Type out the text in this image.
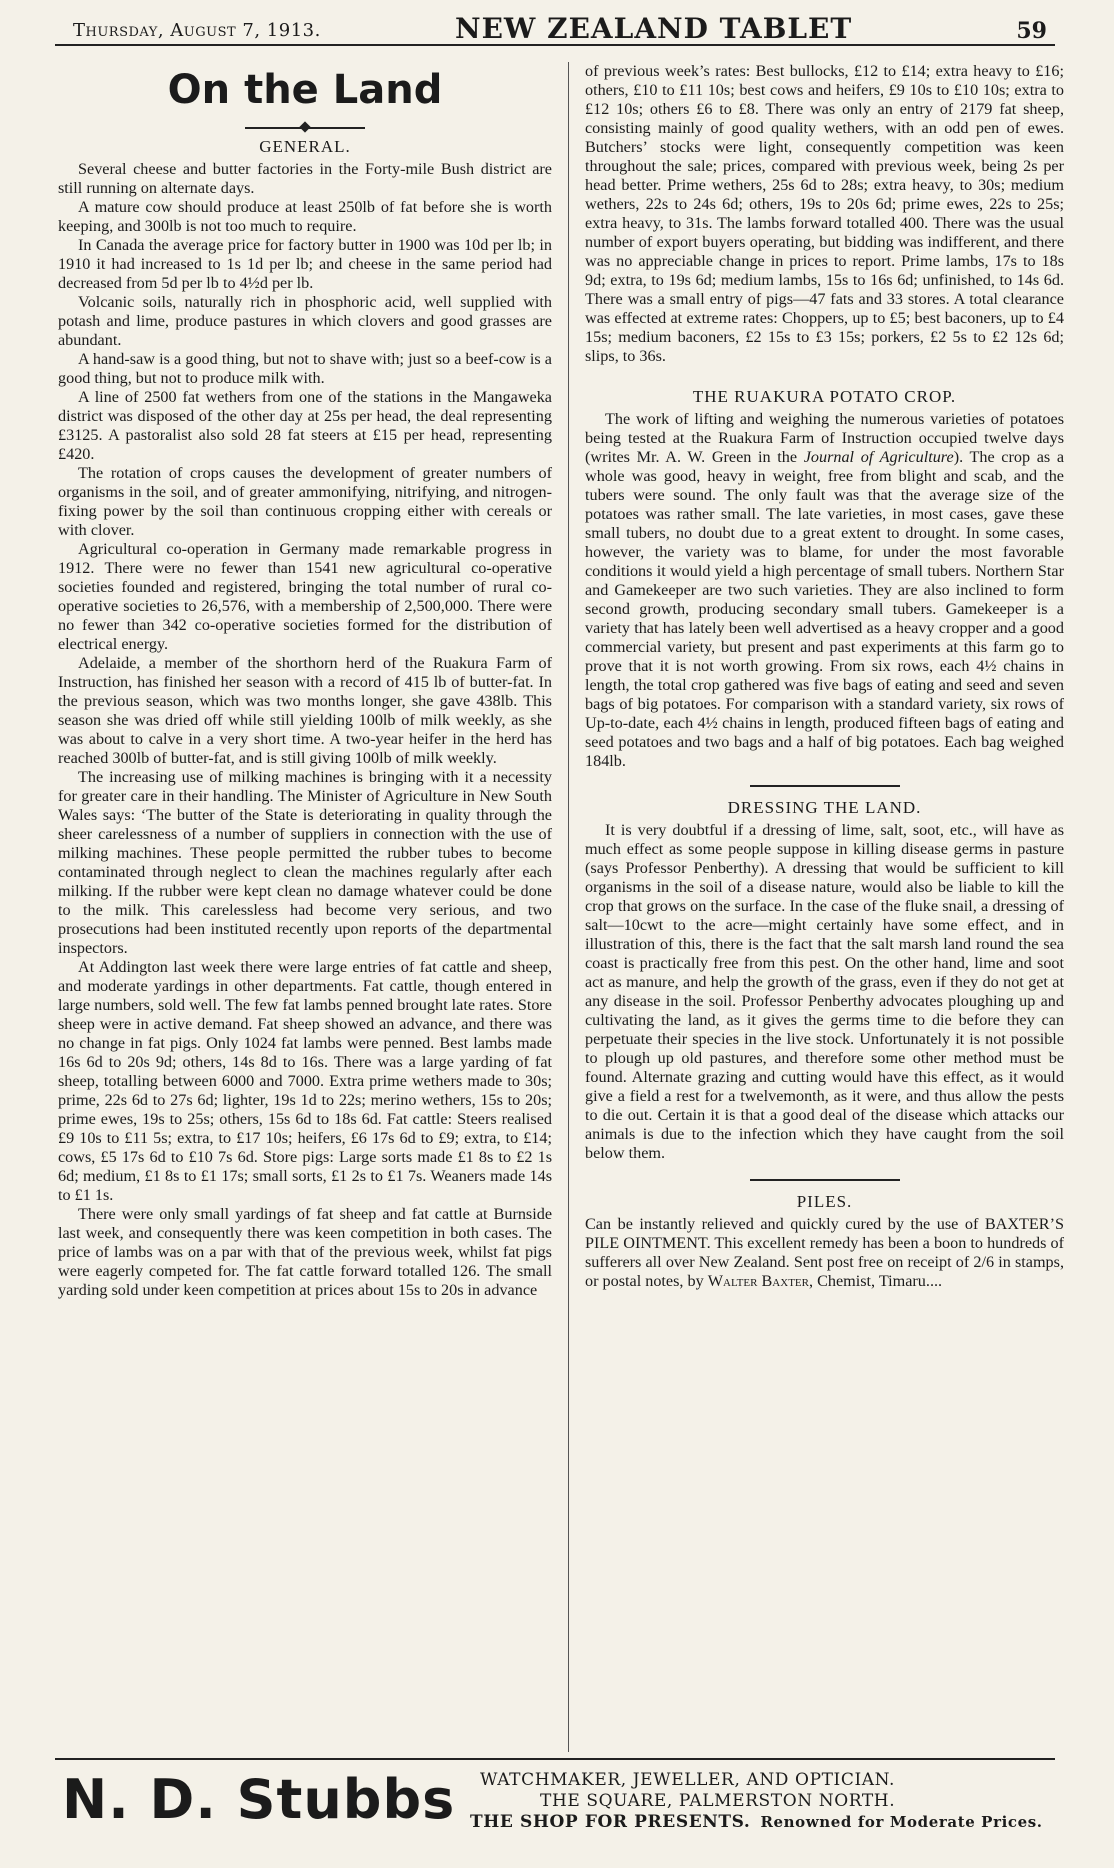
Thursday, August 7, 1913.	NEW ZEALAND TABLET	59
On the Land
GENERAL.

Several cheese and butter factories in the Forty-mile Bush district are still running on alternate days.

A mature cow should produce at least 250lb of fat before she is worth keeping, and 300lb is not too much to require.

In Canada the average price for factory butter in 1900 was 10d per lb; in 1910 it had increased to 1s 1d per lb; and cheese in the same period had decreased from 5d per lb to 4½d per lb.

Volcanic soils, naturally rich in phosphoric acid, well supplied with potash and lime, produce pastures in which clovers and good grasses are abundant.

A hand-saw is a good thing, but not to shave with; just so a beef-cow is a good thing, but not to produce milk with.

A line of 2500 fat wethers from one of the stations in the Mangaweka district was disposed of the other day at 25s per head, the deal representing £3125. A pastoralist also sold 28 fat steers at £15 per head, representing £420.

The rotation of crops causes the development of greater numbers of organisms in the soil, and of greater ammonifying, nitrifying, and nitrogen-fixing power by the soil than continuous cropping either with cereals or with clover.

Agricultural co-operation in Germany made remarkable progress in 1912. There were no fewer than 1541 new agricultural co-operative societies founded and registered, bringing the total number of rural co-operative societies to 26,576, with a membership of 2,500,000. There were no fewer than 342 co-operative societies formed for the distribution of electrical energy.

Adelaide, a member of the shorthorn herd of the Ruakura Farm of Instruction, has finished her season with a record of 415 lb of butter-fat. In the previous season, which was two months longer, she gave 438lb. This season she was dried off while still yielding 100lb of milk weekly, as she was about to calve in a very short time. A two-year heifer in the herd has reached 300lb of butter-fat, and is still giving 100lb of milk weekly.

The increasing use of milking machines is bringing with it a necessity for greater care in their handling. The Minister of Agriculture in New South Wales says: ‘The butter of the State is deteriorating in quality through the sheer carelessness of a number of suppliers in connection with the use of milking machines. These people permitted the rubber tubes to become contaminated through neglect to clean the machines regularly after each milking. If the rubber were kept clean no damage whatever could be done to the milk. This carelessless had become very serious, and two prosecutions had been instituted recently upon reports of the departmental inspectors.

At Addington last week there were large entries of fat cattle and sheep, and moderate yardings in other departments. Fat cattle, though entered in large numbers, sold well. The few fat lambs penned brought late rates. Store sheep were in active demand. Fat sheep showed an advance, and there was no change in fat pigs. Only 1024 fat lambs were penned. Best lambs made 16s 6d to 20s 9d; others, 14s 8d to 16s. There was a large yarding of fat sheep, totalling between 6000 and 7000. Extra prime wethers made to 30s; prime, 22s 6d to 27s 6d; lighter, 19s 1d to 22s; merino wethers, 15s to 20s; prime ewes, 19s to 25s; others, 15s 6d to 18s 6d. Fat cattle: Steers realised £9 10s to £11 5s; extra, to £17 10s; heifers, £6 17s 6d to £9; extra, to £14; cows, £5 17s 6d to £10 7s 6d. Store pigs: Large sorts made £1 8s to £2 1s 6d; medium, £1 8s to £1 17s; small sorts, £1 2s to £1 7s. Weaners made 14s to £1 1s.

There were only small yardings of fat sheep and fat cattle at Burnside last week, and consequently there was keen competition in both cases. The price of lambs was on a par with that of the previous week, whilst fat pigs were eagerly competed for. The fat cattle forward totalled 126. The small yarding sold under keen competition at prices about 15s to 20s in advance

of previous week’s rates: Best bullocks, £12 to £14; extra heavy to £16; others, £10 to £11 10s; best cows and heifers, £9 10s to £10 10s; extra to £12 10s; others £6 to £8. There was only an entry of 2179 fat sheep, consisting mainly of good quality wethers, with an odd pen of ewes. Butchers’ stocks were light, consequently competition was keen throughout the sale; prices, compared with previous week, being 2s per head better. Prime wethers, 25s 6d to 28s; extra heavy, to 30s; medium wethers, 22s to 24s 6d; others, 19s to 20s 6d; prime ewes, 22s to 25s; extra heavy, to 31s. The lambs forward totalled 400. There was the usual number of export buyers operating, but bidding was indifferent, and there was no appreciable change in prices to report. Prime lambs, 17s to 18s 9d; extra, to 19s 6d; medium lambs, 15s to 16s 6d; unfinished, to 14s 6d. There was a small entry of pigs—47 fats and 33 stores. A total clearance was effected at extreme rates: Choppers, up to £5; best baconers, up to £4 15s; medium baconers, £2 15s to £3 15s; porkers, £2 5s to £2 12s 6d; slips, to 36s.

THE RUAKURA POTATO CROP.

The work of lifting and weighing the numerous varieties of potatoes being tested at the Ruakura Farm of Instruction occupied twelve days (writes Mr. A. W. Green in the Journal of Agriculture). The crop as a whole was good, heavy in weight, free from blight and scab, and the tubers were sound. The only fault was that the average size of the potatoes was rather small. The late varieties, in most cases, gave these small tubers, no doubt due to a great extent to drought. In some cases, however, the variety was to blame, for under the most favorable conditions it would yield a high percentage of small tubers. Northern Star and Gamekeeper are two such varieties. They are also inclined to form second growth, producing secondary small tubers. Gamekeeper is a variety that has lately been well advertised as a heavy cropper and a good commercial variety, but present and past experiments at this farm go to prove that it is not worth growing. From six rows, each 4½ chains in length, the total crop gathered was five bags of eating and seed and seven bags of big potatoes. For comparison with a standard variety, six rows of Up-to-date, each 4½ chains in length, produced fifteen bags of eating and seed potatoes and two bags and a half of big potatoes. Each bag weighed 184lb.

DRESSING THE LAND.

It is very doubtful if a dressing of lime, salt, soot, etc., will have as much effect as some people suppose in killing disease germs in pasture (says Professor Penberthy). A dressing that would be sufficient to kill organisms in the soil of a disease nature, would also be liable to kill the crop that grows on the surface. In the case of the fluke snail, a dressing of salt—10cwt to the acre—might certainly have some effect, and in illustration of this, there is the fact that the salt marsh land round the sea coast is practically free from this pest. On the other hand, lime and soot act as manure, and help the growth of the grass, even if they do not get at any disease in the soil. Professor Penberthy advocates ploughing up and cultivating the land, as it gives the germs time to die before they can perpetuate their species in the live stock. Unfortunately it is not possible to plough up old pastures, and therefore some other method must be found. Alternate grazing and cutting would have this effect, as it would give a field a rest for a twelvemonth, as it were, and thus allow the pests to die out. Certain it is that a good deal of the disease which attacks our animals is due to the infection which they have caught from the soil below them.

PILES.

Can be instantly relieved and quickly cured by the use of BAXTER’S PILE OINTMENT. This excellent remedy has been a boon to hundreds of sufferers all over New Zealand. Sent post free on receipt of 2/6 in stamps, or postal notes, by Walter Baxter, Chemist, Timaru....

N. D. Stubbs WATCHMAKER, JEWELLER, AND OPTICIAN.
THE SQUARE, PALMERSTON NORTH.
THE SHOP FOR PRESENTS. Renowned for Moderate Prices.
